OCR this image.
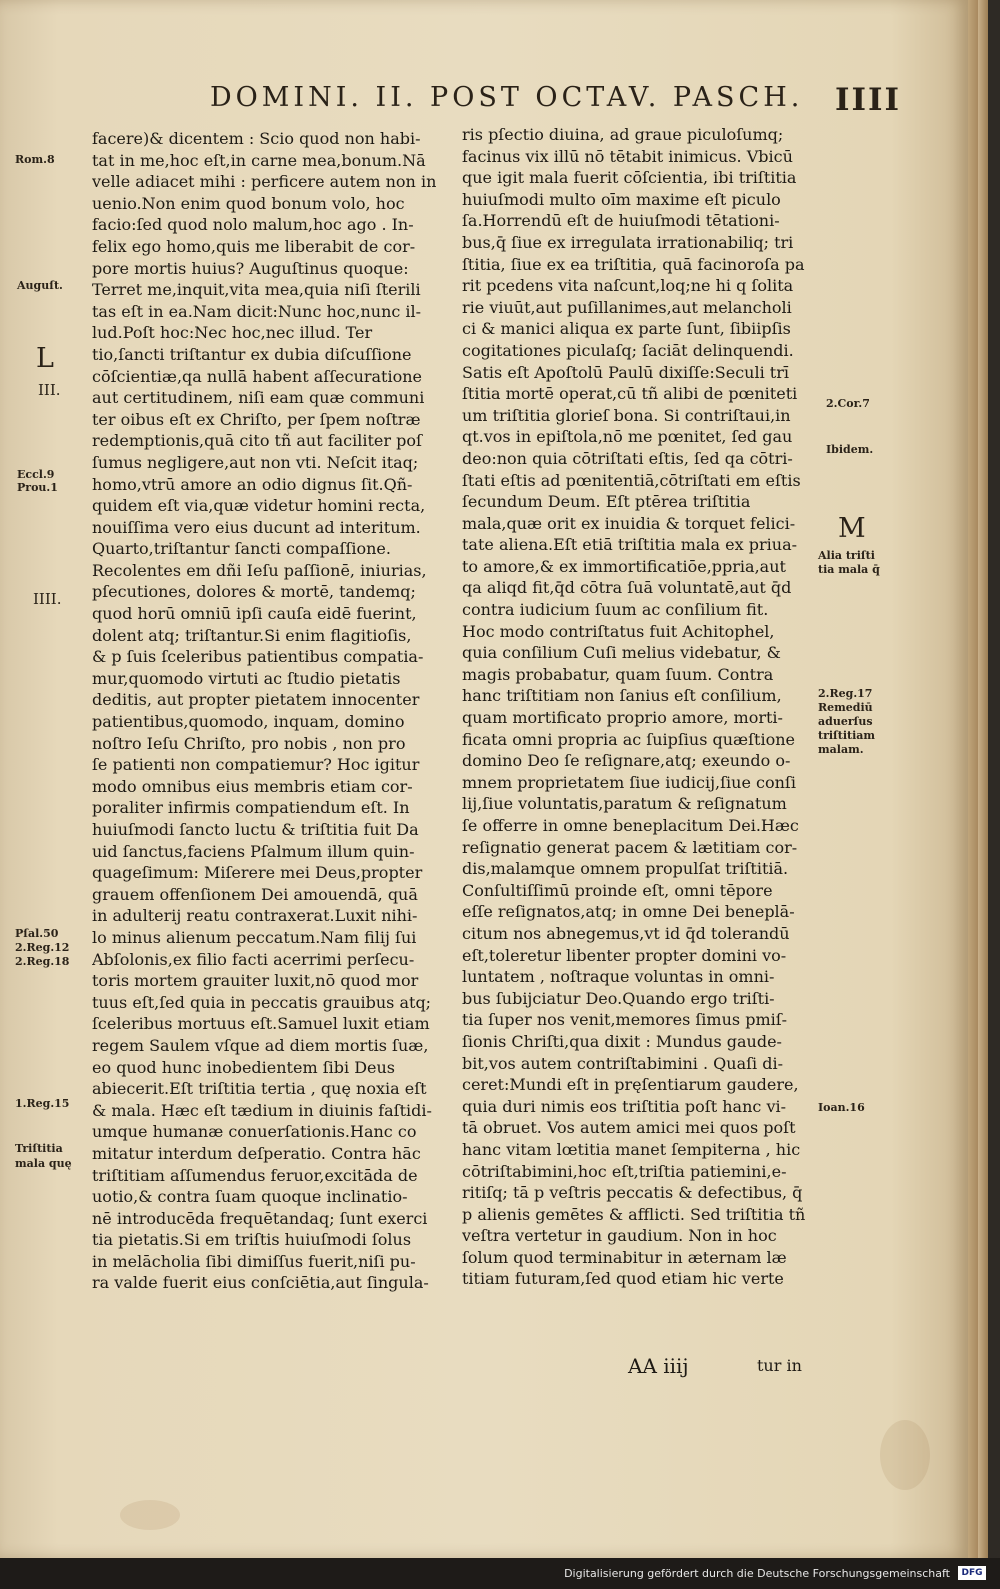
DOMINI. II. POST OCTAV. PASCH. IIII
facere)& dicentem : Scio quod non habi-
tat in me,hoc eſt,in carne mea,bonum.Nā
velle adiacet mihi : perficere autem non in
uenio.Non enim quod bonum volo, hoc
facio:ſed quod nolo malum,hoc ago . In-
felix ego homo,quis me liberabit de cor-
pore mortis huius? Auguſtinus quoque:
Terret me,inquit,vita mea,quia niſi ſterili
tas eſt in ea.Nam dicit:Nunc hoc,nunc il-
lud.Poſt hoc:Nec hoc,nec illud. Ter
tio,ſancti triſtantur ex dubia diſcuſſione
cōſcientiæ,qa nullā habent aſſecuratione
aut certitudinem, niſi eam quæ communi
ter oibus eſt ex Chriſto, per ſpem noſtræ
redemptionis,quā cito tñ aut faciliter poſ
ſumus negligere,aut non vti. Neſcit itaq;
homo,vtrū amore an odio dignus ſit.Qñ-
quidem eſt via,quæ videtur homini recta,
nouiſſima vero eius ducunt ad interitum.
Quarto,triſtantur ſancti compaſſione.
Recolentes em dñi Ieſu paſſionē, iniurias,
pſecutiones, dolores & mortē, tandemq;
quod horū omniū ipſi cauſa eidē fuerint,
dolent atq; triſtantur.Si enim flagitioſis,
& p ſuis ſceleribus patientibus compatia-
mur,quomodo virtuti ac ſtudio pietatis
deditis, aut propter pietatem innocenter
patientibus,quomodo, inquam, domino
noſtro Ieſu Chriſto, pro nobis , non pro
ſe patienti non compatiemur? Hoc igitur
modo omnibus eius membris etiam cor-
poraliter infirmis compatiendum eſt. In
huiuſmodi ſancto luctu & triſtitia fuit Da
uid ſanctus,faciens Pſalmum illum quin-
quageſimum: Miſerere mei Deus,propter
grauem offenſionem Dei amouendā, quā
in adulterij reatu contraxerat.Luxit nihi-
lo minus alienum peccatum.Nam filij ſui
Abſolonis,ex filio facti acerrimi perſecu-
toris mortem grauiter luxit,nō quod mor
tuus eſt,ſed quia in peccatis grauibus atq;
ſceleribus mortuus eſt.Samuel luxit etiam
regem Saulem vſque ad diem mortis ſuæ,
eo quod hunc inobedientem ſibi Deus
abiecerit.Eſt triſtitia tertia , quę noxia eſt
& mala. Hæc eſt tædium in diuinis faſtidi-
umque humanæ conuerſationis.Hanc co
mitatur interdum deſperatio. Contra hāc
triſtitiam aſſumendus feruor,excitāda de
uotio,& contra ſuam quoque inclinatio-
nē introducēda frequētandaq; ſunt exerci
tia pietatis.Si em triſtis huiuſmodi ſolus
in melācholia ſibi dimiſſus fuerit,niſi pu-
ra valde fuerit eius conſciētia,aut ſingula-
ris pſectio diuina, ad graue piculoſumq;
facinus vix illū nō tētabit inimicus. Vbicū
que igit mala fuerit cōſcientia, ibi triſtitia
huiuſmodi multo oīm maxime eſt piculo
ſa.Horrendū eſt de huiuſmodi tētationi-
bus,q̄ ſiue ex irregulata irrationabiliq; tri
ſtitia, ſiue ex ea triſtitia, quā facinoroſa pa
rit pcedens vita naſcunt,loq;ne hi q ſolita
rie viuūt,aut puſillanimes,aut melancholi
ci & manici aliqua ex parte ſunt, ſibiipſis
cogitationes piculaſq; ſaciāt delinquendi.
Satis eſt Apoſtolū Paulū dixiſſe:Seculi trī
ſtitia mortē operat,cū tñ alibi de pœniteti
um triſtitia glorieſ bona. Si contriſtaui,in
qt.vos in epiſtola,nō me pœnitet, ſed gau
deo:non quia cōtriſtati eſtis, ſed qa cōtri-
ſtati eſtis ad pœnitentiā,cōtriſtati em eſtis
ſecundum Deum. Eſt ptērea triſtitia
mala,quæ orit ex inuidia & torquet felici-
tate aliena.Eſt etiā triſtitia mala ex priua-
to amore,& ex immortificatiōe,ppria,aut
qa aliqd fit,q̄d cōtra ſuā voluntatē,aut q̄d
contra iudicium ſuum ac conſilium fit.
Hoc modo contriſtatus fuit Achitophel,
quia conſilium Cuſi melius videbatur, &
magis probabatur, quam ſuum. Contra
hanc triſtitiam non ſanius eſt conſilium,
quam mortificato proprio amore, morti-
ficata omni propria ac ſuipſius quæſtione
domino Deo ſe reſignare,atq; exeundo o-
mnem proprietatem ſiue iudicij,ſiue conſi
lij,ſiue voluntatis,paratum & reſignatum
ſe offerre in omne beneplacitum Dei.Hæc
reſignatio generat pacem & lætitiam cor-
dis,malamque omnem propulſat triſtitiā.
Conſultiſſimū proinde eſt, omni tēpore
eſſe reſignatos,atq; in omne Dei beneplā-
citum nos abnegemus,vt id q̄d tolerandū
eſt,toleretur libenter propter domini vo-
luntatem , noſtraque voluntas in omni-
bus ſubijciatur Deo.Quando ergo triſti-
tia ſuper nos venit,memores ſimus pmiſ-
ſionis Chriſti,qua dixit : Mundus gaude-
bit,vos autem contriſtabimini . Quaſi di-
ceret:Mundi eſt in pręſentiarum gaudere,
quia duri nimis eos triſtitia poſt hanc vi-
tā obruet. Vos autem amici mei quos poſt
hanc vitam lœtitia manet ſempiterna , hic
cōtriſtabimini,hoc eſt,triſtia patiemini,e-
ritiſq; tā p veſtris peccatis & defectibus, q̄
p alienis gemētes & afflicti. Sed triſtitia tñ
veſtra vertetur in gaudium. Non in hoc
ſolum quod terminabitur in æternam læ
titiam futuram,ſed quod etiam hic verte
Rom.8
Auguſt.
L
III.
Eccl.9
Prou.1
IIII.
Pſal.50
2.Reg.12
2.Reg.18
1.Reg.15
Triſtitia
mala quę
2.Cor.7
Ibidem.
M
Alia triſti
tia mala q̄
2.Reg.17
Remediū
aduerſus
triſtitiam
malam.
Ioan.16
AA iiij	tur in
Digitalisierung gefördert durch die Deutsche Forschungsgemeinschaft	DFG
